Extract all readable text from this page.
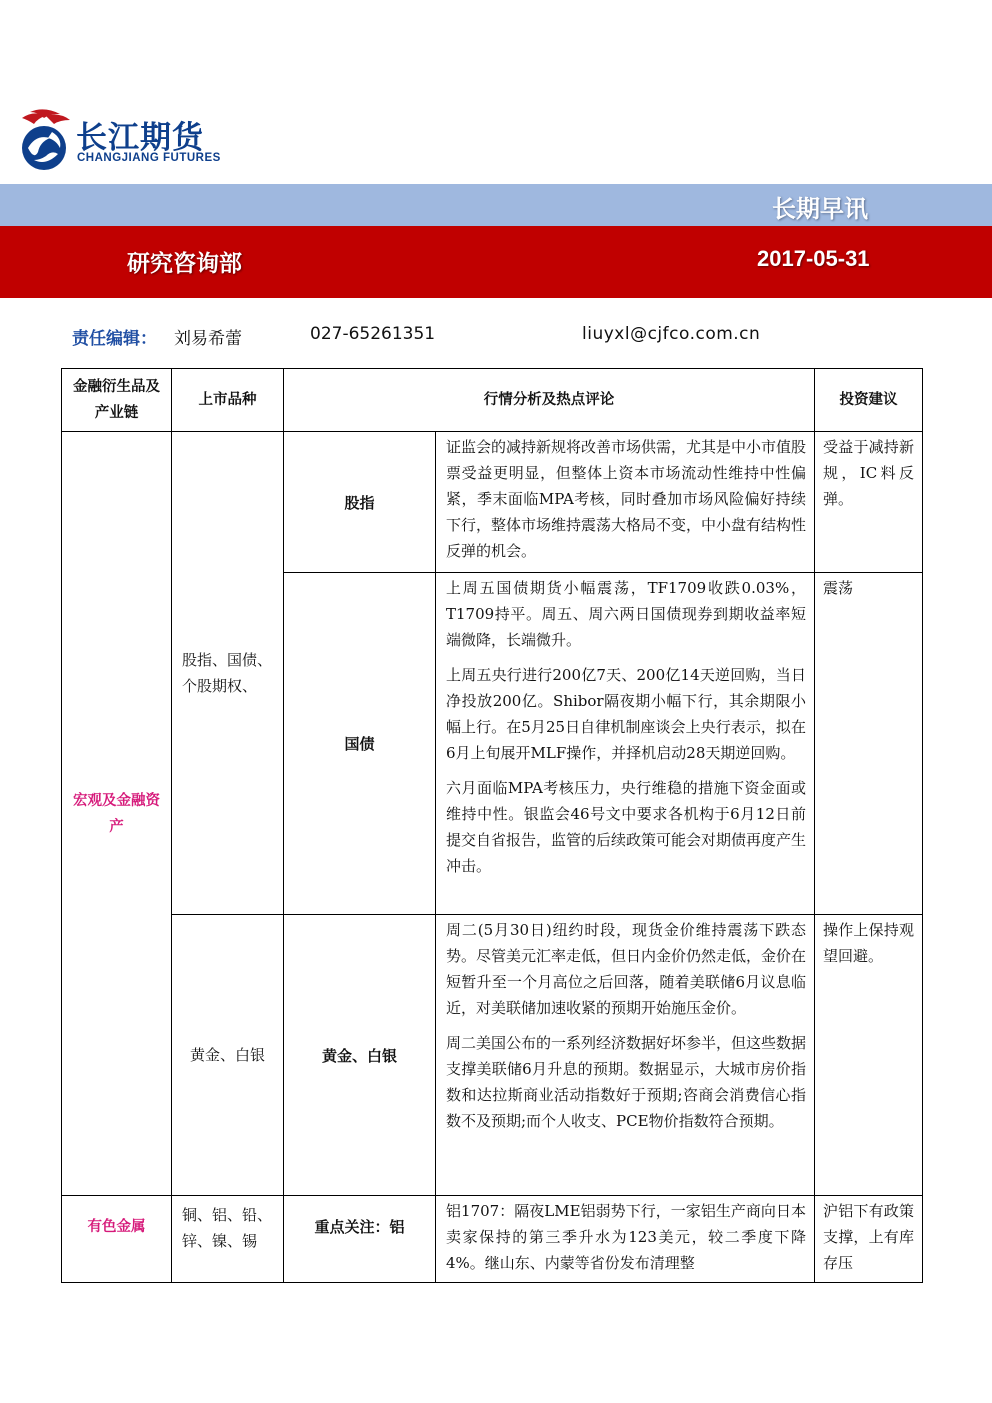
长江期货
CHANGJIANG FUTURES
长期早讯
研究咨询部	2017-05-31
责任编辑： 刘易希蕾	027-65261351	liuyxl@cjfco.com.cn
金融衍生品及产业链	上市品种	行情分析及热点评论		投资建议

宏观及金融资产	股指、国债、个股期权、	股指	证监会的减持新规将改善市场供需，尤其是中小市值股票受益更明显，但整体上资本市场流动性维持中性偏紧，季末面临MPA考核，同时叠加市场风险偏好持续下行，整体市场维持震荡大格局不变，中小盘有结构性反弹的机会。	受益于减持新规，IC料反弹。
		国债	上周五国债期货小幅震荡，TF1709收跌0.03%，T1709持平。周五、周六两日国债现券到期收益率短端微降，长端微升。

上周五央行进行200亿7天、200亿14天逆回购，当日净投放200亿。Shibor隔夜期小幅下行，其余期限小幅上行。在5月25日自律机制座谈会上央行表示，拟在6月上旬展开MLF操作，并择机启动28天期逆回购。

六月面临MPA考核压力，央行维稳的措施下资金面或维持中性。银监会46号文中要求各机构于6月12日前提交自省报告，监管的后续政策可能会对期债再度产生冲击。	震荡
	黄金、白银	黄金、白银	周二(5月30日)纽约时段，现货金价维持震荡下跌态势。尽管美元汇率走低，但日内金价仍然走低，金价在短暂升至一个月高位之后回落，随着美联储6月议息临近，对美联储加速收紧的预期开始施压金价。

周二美国公布的一系列经济数据好坏参半，但这些数据支撑美联储6月升息的预期。数据显示，大城市房价指数和达拉斯商业活动指数好于预期;咨商会消费信心指数不及预期;而个人收支、PCE物价指数符合预期。	操作上保持观望回避。

有色金属	铜、铝、铅、锌、镍、锡	重点关注：铝	铝1707：隔夜LME铝弱势下行，一家铝生产商向日本卖家保持的第三季升水为123美元，较二季度下降4%。继山东、内蒙等省份发布清理整	沪铝下有政策支撑，上有库存压
